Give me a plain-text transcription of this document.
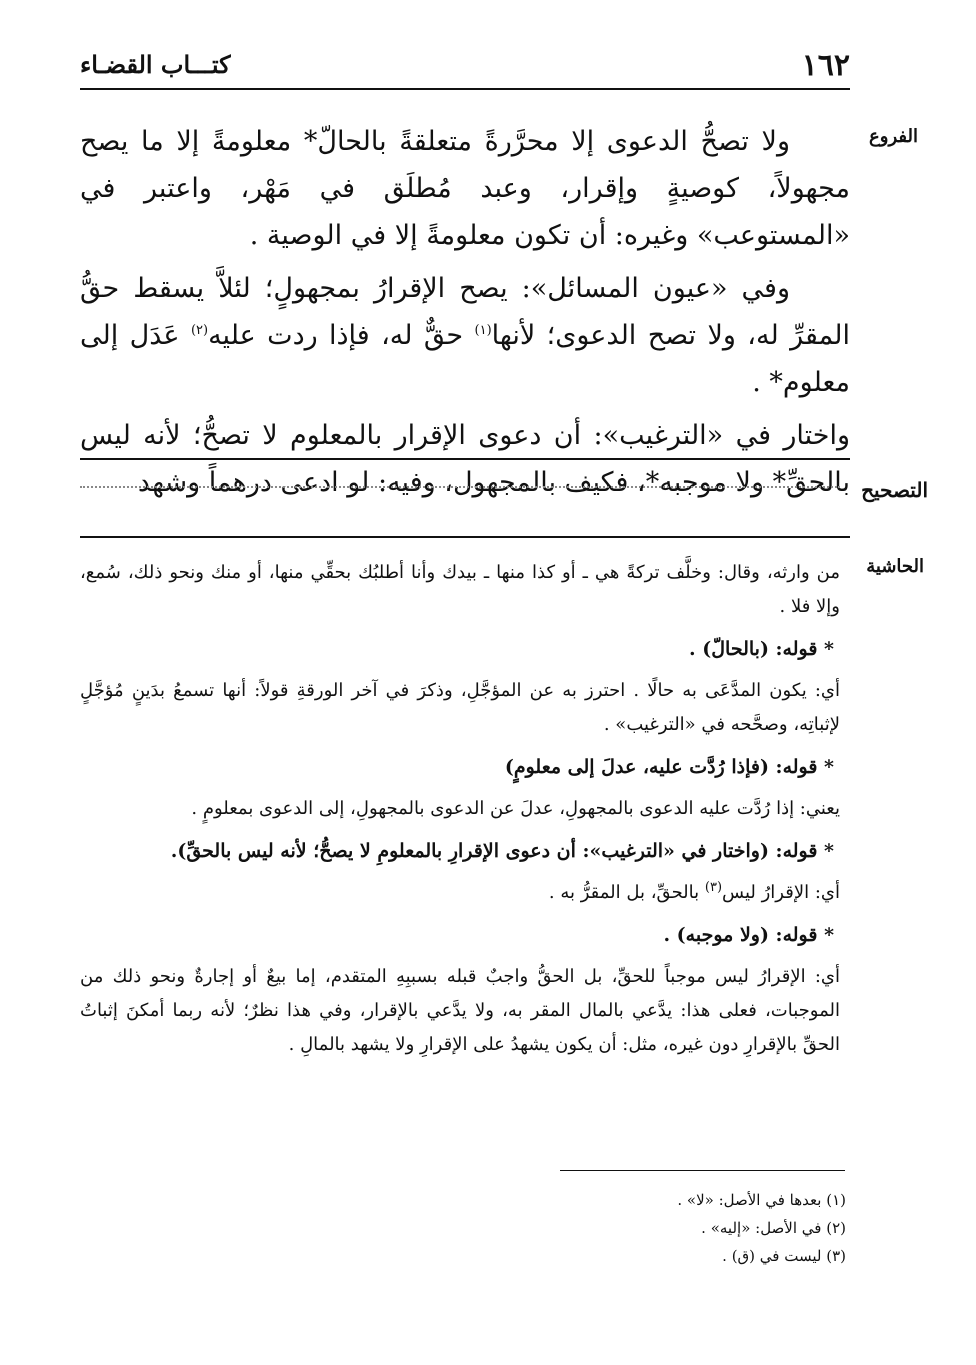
١٦٢
كتـــاب القضـاء
الفروع
التصحيح
الحاشية

ولا تصحُّ الدعوى إلا محرَّرةً متعلقةً بالحالّ* معلومةً إلا ما يصح مجهولاً، كوصيةٍ وإقرار، وعبد مُطلَق في مَهْر، واعتبر في «المستوعب» وغيره: أن تكون معلومةً إلا في الوصية .

وفي «عيون المسائل»: يصح الإقرارُ بمجهولٍ؛ لئلاَّ يسقط حقُّ المقرِّ له، ولا تصح الدعوى؛ لأنها$^{(١)}$ حقٌّ له، فإذا ردت عليه$^{(٢)}$ عَدَل إلى معلوم* .

واختار في «الترغيب»: أن دعوى الإقرار بالمعلوم لا تصحُّ؛ لأنه ليس بالحقِّ* ولا موجبه*، فكيف بالمجهول، وفيه: لو ادعى درهماً وشهد

من وارثه، وقال: وخلَّف تركةً هي ـ أو كذا منها ـ بيدك وأنا أطلبُك بحقِّي منها، أو منك ونحو ذلك، سُمع، وإلا فلا .
* قوله: (بالحالّ) .
أي: يكون المدَّعَى به حالًا . احترز به عن المؤجَّلِ، وذكرَ في آخر الورقةِ قولاً: أنها تسمعُ بدَينٍ مُؤجَّلٍ لإثباتِه، وصحَّحه في «الترغيب» .
* قوله: (فإذا رُدَّت عليه، عدلَ إلى معلومٍ)
يعني: إذا رُدَّت عليه الدعوى بالمجهولِ، عدلَ عن الدعوى بالمجهولِ، إلى الدعوى بمعلومٍ .
* قوله: (واختار في «الترغيب»: أن دعوى الإقرارِ بالمعلومِ لا يصحُّ؛ لأنه ليس بالحقِّ).
أي: الإقرارُ ليس$^{(٣)}$ بالحقِّ، بل المقرُّ به .
* قوله: (ولا موجبه) .
أي: الإقرارُ ليس موجباً للحقِّ، بل الحقُّ واجبٌ قبله بسببِهِ المتقدم، إما بيعٌ أو إجارةٌ ونحو ذلك من الموجبات، فعلى هذا: يدَّعي بالمال المقر به، ولا يدَّعي بالإقرار، وفي هذا نظرٌ؛ لأنه ربما أمكنَ إثباتُ الحقِّ بالإقرارِ دون غيره، مثل: أن يكون يشهدُ على الإقرارِ ولا يشهد بالمالِ .
(١) بعدها في الأصل: «لا» .
(٢) في الأصل: «إليه» .
(٣) ليست في (ق) .
